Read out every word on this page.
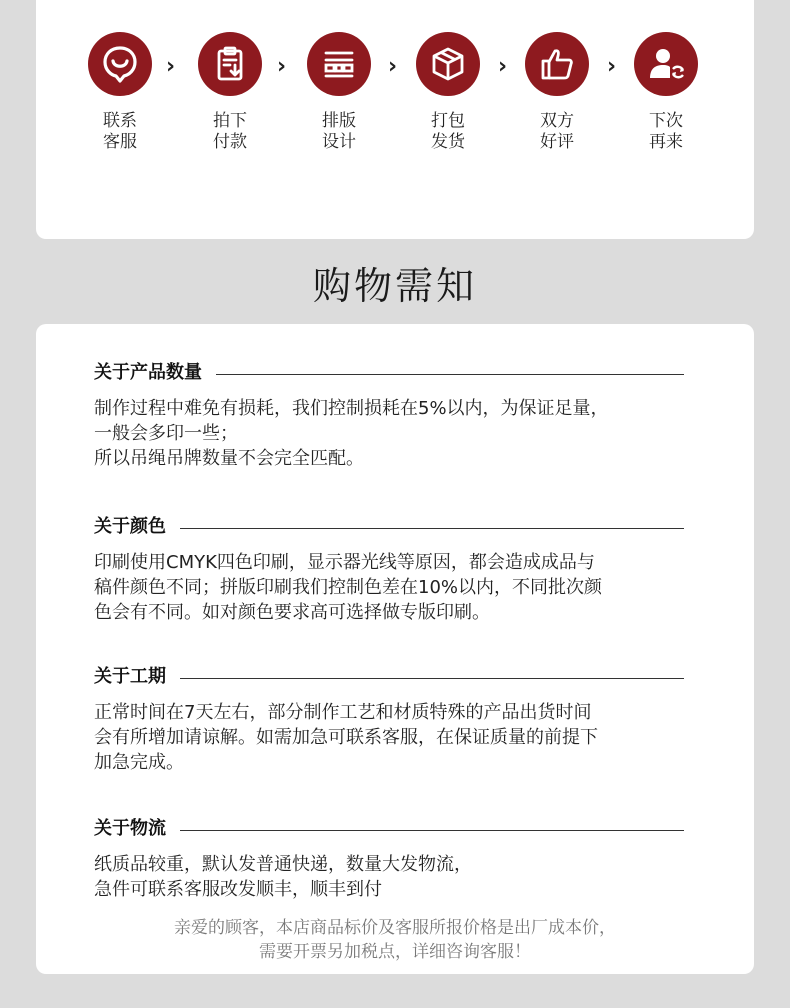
联系
客服
›
拍下
付款
›
排版
设计
›
打包
发货
›
双方
好评
›
下次
再来
购物需知
关于产品数量
制作过程中难免有损耗，我们控制损耗在5%以内，为保证足量，
一般会多印一些；
所以吊绳吊牌数量不会完全匹配。
关于颜色
印刷使用CMYK四色印刷，显示器光线等原因，都会造成成品与
稿件颜色不同；拼版印刷我们控制色差在10%以内，不同批次颜
色会有不同。如对颜色要求高可选择做专版印刷。
关于工期
正常时间在7天左右，部分制作工艺和材质特殊的产品出货时间
会有所增加请谅解。如需加急可联系客服，在保证质量的前提下
加急完成。
关于物流
纸质品较重，默认发普通快递，数量大发物流，
急件可联系客服改发顺丰，顺丰到付
亲爱的顾客，本店商品标价及客服所报价格是出厂成本价，
需要开票另加税点，详细咨询客服！
